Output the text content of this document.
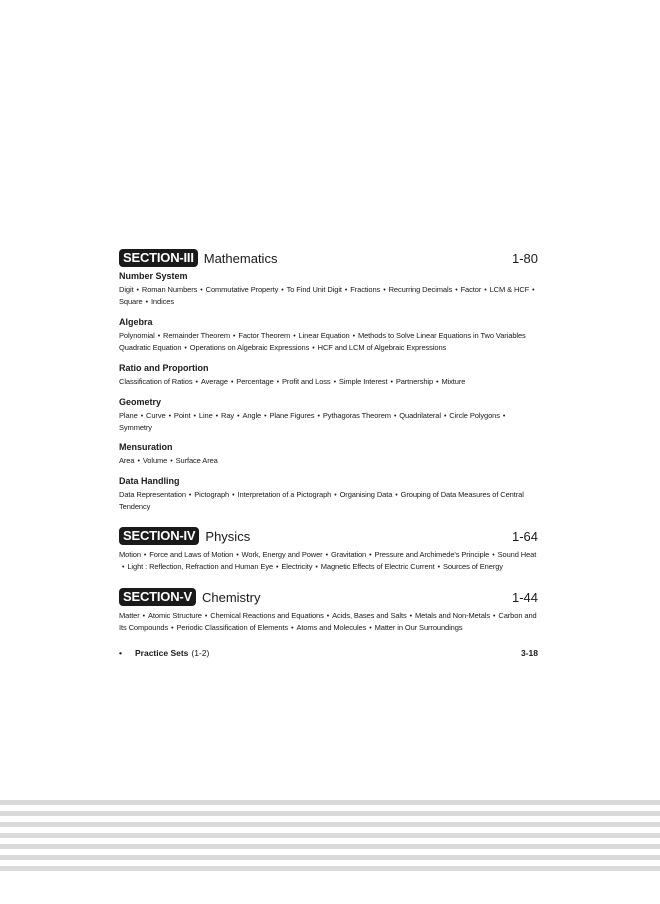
SECTION-III Mathematics	1-80
Number System
Digit • Roman Numbers • Commutative Property • To Find Unit Digit • Fractions • Recurring Decimals • Factor • LCM & HCF •Square • Indices
Algebra
Polynomial • Remainder Theorem • Factor Theorem • Linear Equation • Methods to Solve Linear Equations in Two Variables Quadratic Equation • Operations on Algebraic Expressions • HCF and LCM of Algebraic Expressions
Ratio and Proportion
Classification of Ratios • Average • Percentage • Profit and Loss • Simple Interest • Partnership • Mixture
Geometry
Plane • Curve • Point • Line • Ray • Angle • Plane Figures • Pythagoras Theorem • Quadrilateral • Circle Polygons •Symmetry
Mensuration
Area • Volume • Surface Area
Data Handling
Data Representation • Pictograph • Interpretation of a Pictograph • Organising Data • Grouping of Data Measures of Central Tendency
SECTION-IV Physics	1-64
Motion • Force and Laws of Motion • Work, Energy and Power • Gravitation • Pressure and Archimede's Principle • Sound Heat• Light : Reflection, Refraction and Human Eye • Electricity • Magnetic Effects of Electric Current • Sources of Energy
SECTION-V Chemistry	1-44
Matter • Atomic Structure • Chemical Reactions and Equations • Acids, Bases and Salts • Metals and Non-Metals • Carbon and Its Compounds • Periodic Classification of Elements • Atoms and Molecules • Matter in Our Surroundings
•	Practice Sets (1-2)	3-18
